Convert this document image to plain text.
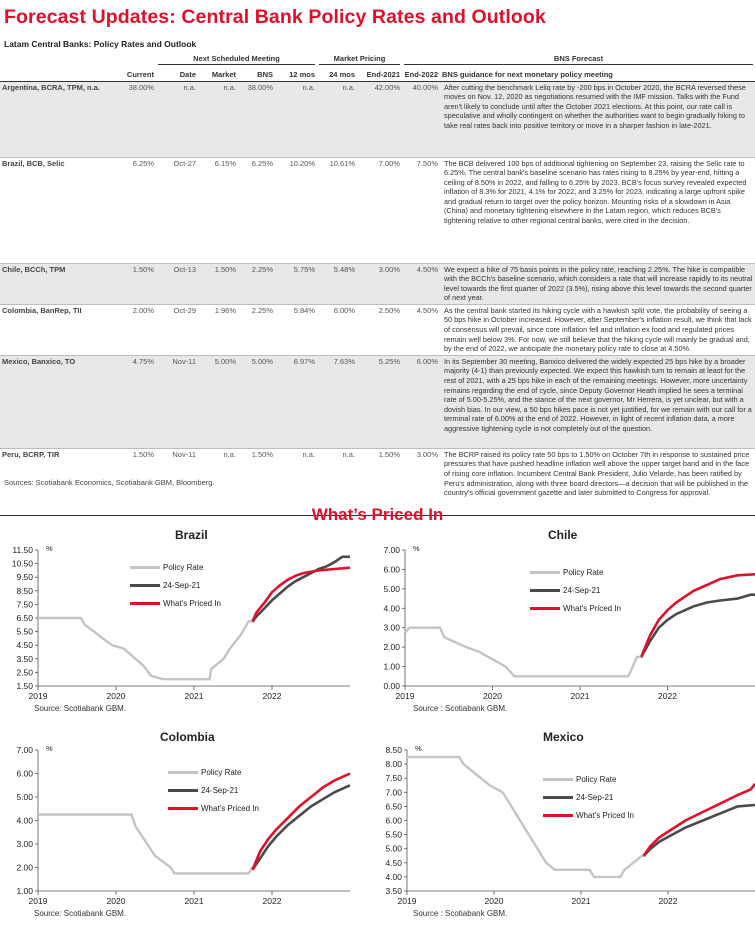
Forecast Updates: Central Bank Policy Rates and Outlook
Latam Central Banks: Policy Rates and Outlook
		Next Scheduled Meeting				Market Pricing		BNS Forecast	
	Current	Date	Market	BNS	12 mos	24 mos	End-2021	End-2022	BNS guidance for next monetary policy meeting
Argentina, BCRA, TPM, n.a.	38.00%	n.a.	n.a.	38.00%	n.a.	n.a.	42.00%	40.00%	After cutting the benchmark Leliq rate by -200 bps in October 2020, the BCRA reversed these moves on Nov. 12, 2020 as negotiations resumed with the IMF mission. Talks with the Fund aren't likely to conclude until after the October 2021 elections. At this point, our rate call is speculative and wholly contingent on whether the authorities want to begin gradually hiking to take real rates back into positive territory or move in a sharper fashion in late-2021.
Brazil, BCB, Selic	6.25%	Oct-27	6.15%	6.25%	10.20%	10.61%	7.00%	7.50%	The BCB delivered 100 bps of additional tightening on September 23, raising the Selic rate to 6.25%. The central bank's baseline scenario has rates rising to 8.25% by year-end, hitting a ceiling of 8.50% in 2022, and falling to 6.25% by 2023. BCB's focus survey revealed expected inflation of 8.3% for 2021, 4.1% for 2022, and 3.25% for 2023, indicating a large upfront spike and gradual return to target over the policy horizon. Mounting risks of a slowdown in Asia (China) and monetary tightening elsewhere in the Latam region, which reduces BCB's tightening relative to other regional central banks, were cited in the decision.
Chile, BCCh, TPM	1.50%	Oct-13	1.50%	2.25%	5.75%	5.48%	3.00%	4.50%	We expect a hike of 75 basis points in the policy rate, reaching 2.25%. The hike is compatible with the BCCh's baseline scenario, which considers a rate that will increase rapidly to its neutral level towards the first quarter of 2022 (3.5%), rising above this level towards the second quarter of next year.
Colombia, BanRep, TII	2.00%	Oct-29	1.96%	2.25%	5.84%	6.00%	2.50%	4.50%	As the central bank started its hiking cycle with a hawkish split vote, the probability of seeing a 50 bps hike in October increased. However, after September's inflation result, we think that lack of consensus will prevail, since core inflation fell and inflation ex food and regulated prices remain well below 3%. For now, we still believe that the hiking cycle will mainly be gradual and, by the end of 2022, we anticipate the monetary policy rate to close at 4.50%.
Mexico, Banxico, TO	4.75%	Nov-11	5.00%	5.00%	6.97%	7.63%	5.25%	6.00%	In its September 30 meeting, Banxico delivered the widely expected 25 bps hike by a broader majority (4-1) than previously expected. We expect this hawkish turn to remain at least for the rest of 2021, with a 25 bps hike in each of the remaining meetings. However, more uncertainty remains regarding the end of cycle, since Deputy Governor Heath implied he sees a terminal rate of 5.00-5.25%, and the stance of the next governor, Mr Herrera, is yet unclear, but with a dovish bias. In our view, a 50 bps hikes pace is not yet justified, for we remain with our call for a terminal rate of 6.00% at the end of 2022. However, in light of recent inflation data, a more aggressive tightening cycle is not completely out of the question.
Peru, BCRP, TIR	1.50%	Nov-11	n.a.	1.50%	n.a.	n.a.	1.50%	3.00%	The BCRP raised its policy rate 50 bps to 1.50% on October 7th in response to sustained price pressures that have pushed headline inflation well above the upper target band and in the face of rising core inflation. Incumbent Central Bank President, Julio Velarde, has been ratified by Peru's administration, along with three board directors—a decision that will be published in the country's official government gazette and later submitted to Congress for approval.
Sources: Scotiabank Economics, Scotiabank GBM, Bloomberg.
What’s Priced In
Brazil
%
11.50
10.50
9.50
8.50
7.50
6.50
5.50
4.50
3.50
2.50
1.50
2019	2020	2021	2022
Policy Rate
24-Sep-21
What's Priced In
Source: Scotiabank GBM.
Chile
%
7.00
6.00
5.00
4.00
3.00
2.00
1.00
0.00
2019	2020	2021	2022
Policy Rate
24-Sep-21
What's Priced In
Source : Scotiabank GBM.
Colombia
%
7.00
6.00
5.00
4.00
3.00
2.00
1.00
2019	2020	2021	2022
Policy Rate
24-Sep-21
What's Priced In
Source: Scotiabank GBM.
Mexico
%
8.50
8.00
7.50
7.00
6.50
6.00
5.50
5.00
4.50
4.00
3.50
2019	2020	2021	2022
Policy Rate
24-Sep-21
What's Priced In
Source : Scotiabank GBM.
